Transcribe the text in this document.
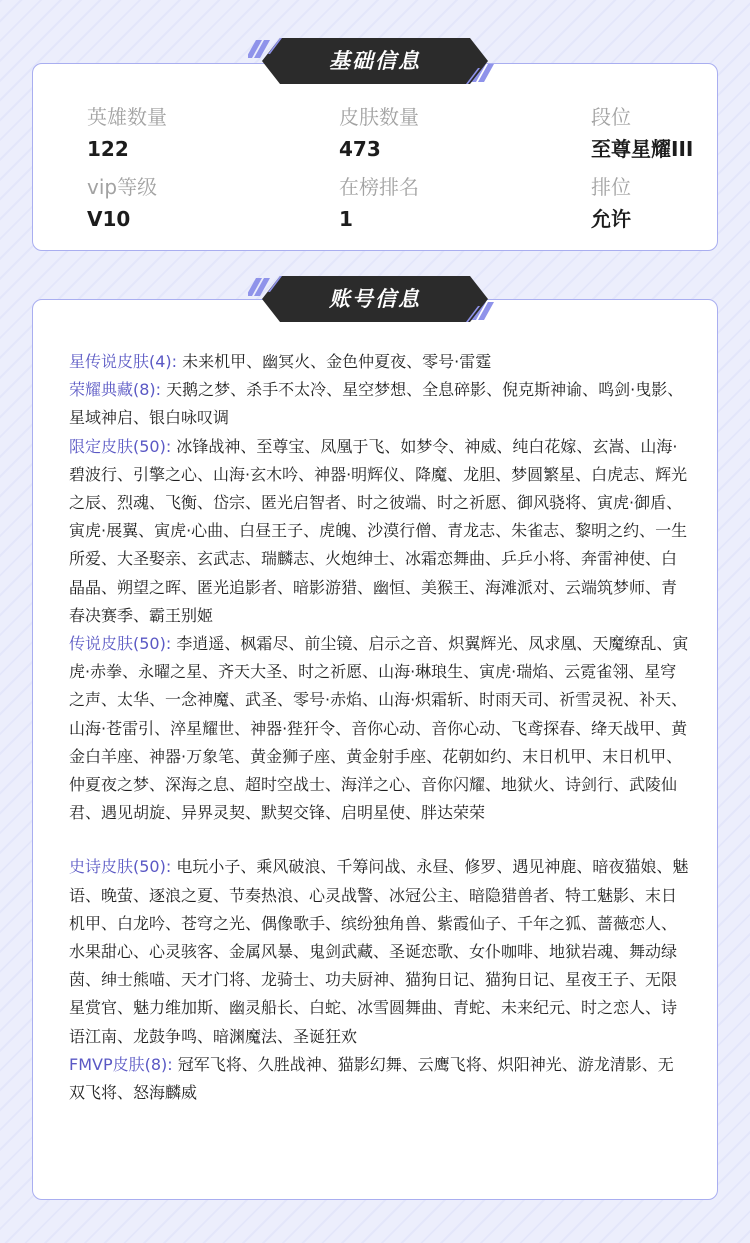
英雄数量
122
皮肤数量
473
段位
至尊星耀III
vip等级
V10
在榜排名
1
排位
允许
星传说皮肤(4): 未来机甲、幽冥火、金色仲夏夜、零号·雷霆
荣耀典藏(8): 天鹅之梦、杀手不太冷、星空梦想、全息碎影、倪克斯神谕、鸣剑·曳影、星域神启、银白咏叹调
限定皮肤(50): 冰锋战神、至尊宝、凤凰于飞、如梦令、神威、纯白花嫁、玄嵩、山海·碧波行、引擎之心、山海·玄木吟、神器·明辉仪、降魔、龙胆、梦圆繁星、白虎志、辉光之辰、烈魂、飞衡、岱宗、匿光启智者、时之彼端、时之祈愿、御风骁将、寅虎·御盾、寅虎·展翼、寅虎·心曲、白昼王子、虎魄、沙漠行僧、青龙志、朱雀志、黎明之约、一生所爱、大圣娶亲、玄武志、瑞麟志、火炮绅士、冰霜恋舞曲、乒乒小将、奔雷神使、白晶晶、朔望之晖、匿光追影者、暗影游猎、幽恒、美猴王、海滩派对、云端筑梦师、青春决赛季、霸王别姬
传说皮肤(50): 李逍遥、枫霜尽、前尘镜、启示之音、炽翼辉光、凤求凰、天魔缭乱、寅虎·赤拳、永曜之星、齐天大圣、时之祈愿、山海·琳琅生、寅虎·瑞焰、云霓雀翎、星穹之声、太华、一念神魔、武圣、零号·赤焰、山海·炽霜斩、时雨天司、祈雪灵祝、补天、山海·苍雷引、淬星耀世、神器·狴犴令、音你心动、音你心动、飞鸢探春、绛天战甲、黄金白羊座、神器·万象笔、黄金狮子座、黄金射手座、花朝如约、末日机甲、末日机甲、仲夏夜之梦、深海之息、超时空战士、海洋之心、音你闪耀、地狱火、诗剑行、武陵仙君、遇见胡旋、异界灵契、默契交锋、启明星使、胖达荣荣
史诗皮肤(50): 电玩小子、乘风破浪、千筹问战、永昼、修罗、遇见神鹿、暗夜猫娘、魅语、晚萤、逐浪之夏、节奏热浪、心灵战警、冰冠公主、暗隐猎兽者、特工魅影、末日机甲、白龙吟、苍穹之光、偶像歌手、缤纷独角兽、紫霞仙子、千年之狐、蔷薇恋人、水果甜心、心灵骇客、金属风暴、鬼剑武藏、圣诞恋歌、女仆咖啡、地狱岩魂、舞动绿茵、绅士熊喵、天才门将、龙骑士、功夫厨神、猫狗日记、猫狗日记、星夜王子、无限星赏官、魅力维加斯、幽灵船长、白蛇、冰雪圆舞曲、青蛇、未来纪元、时之恋人、诗语江南、龙鼓争鸣、暗渊魔法、圣诞狂欢
FMVP皮肤(8): 冠军飞将、久胜战神、猫影幻舞、云鹰飞将、炽阳神光、游龙清影、无双飞将、怒海麟威
基础信息
账号信息
